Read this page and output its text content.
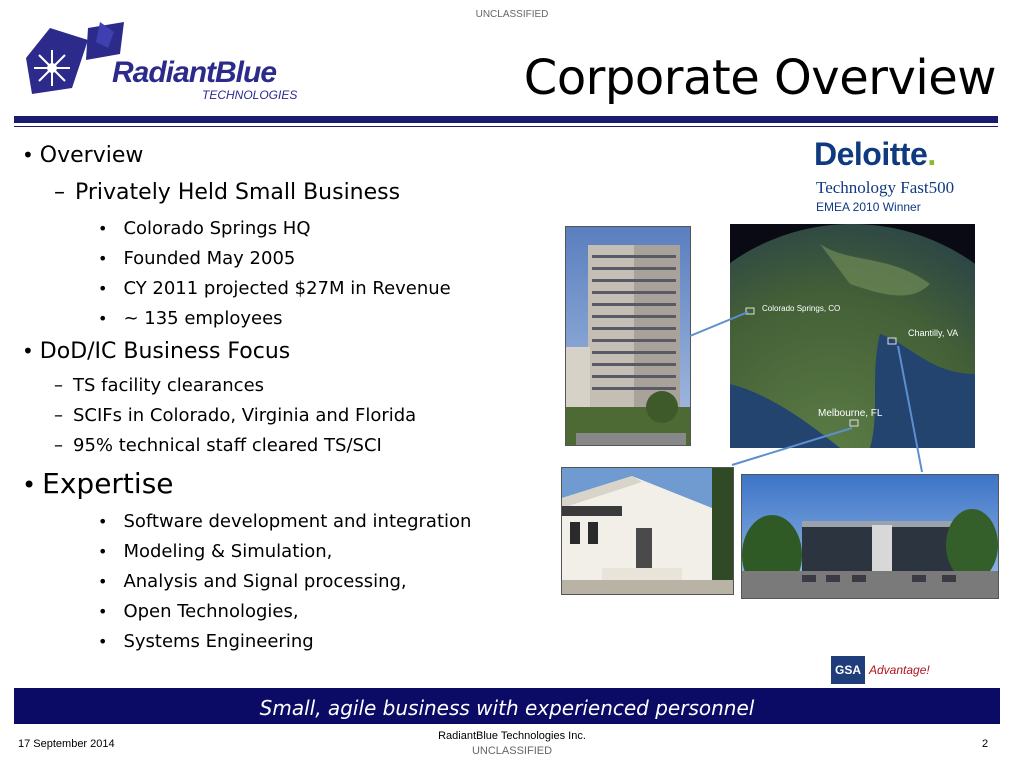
UNCLASSIFIED
RadiantBlue
TECHNOLOGIES	Corporate Overview
• Overview
– Privately Held Small Business
• Colorado Springs HQ
• Founded May 2005
• CY 2011 projected $27M in Revenue
• ~ 135 employees
• DoD/IC Business Focus
– TS facility clearances
– SCIFs in Colorado, Virginia and Florida
– 95% technical staff cleared TS/SCI
• Expertise
• Software development and integration
• Modeling & Simulation,
• Analysis and Signal processing,
• Open Technologies,
• Systems Engineering
Deloitte.
Technology Fast500
EMEA 2010 Winner
Colorado Springs, CO
Chantilly, VA
Melbourne, FL
GSA Advantage!
Small, agile business with experienced personnel
17 September 2014
RadiantBlue Technologies Inc.
UNCLASSIFIED
2
